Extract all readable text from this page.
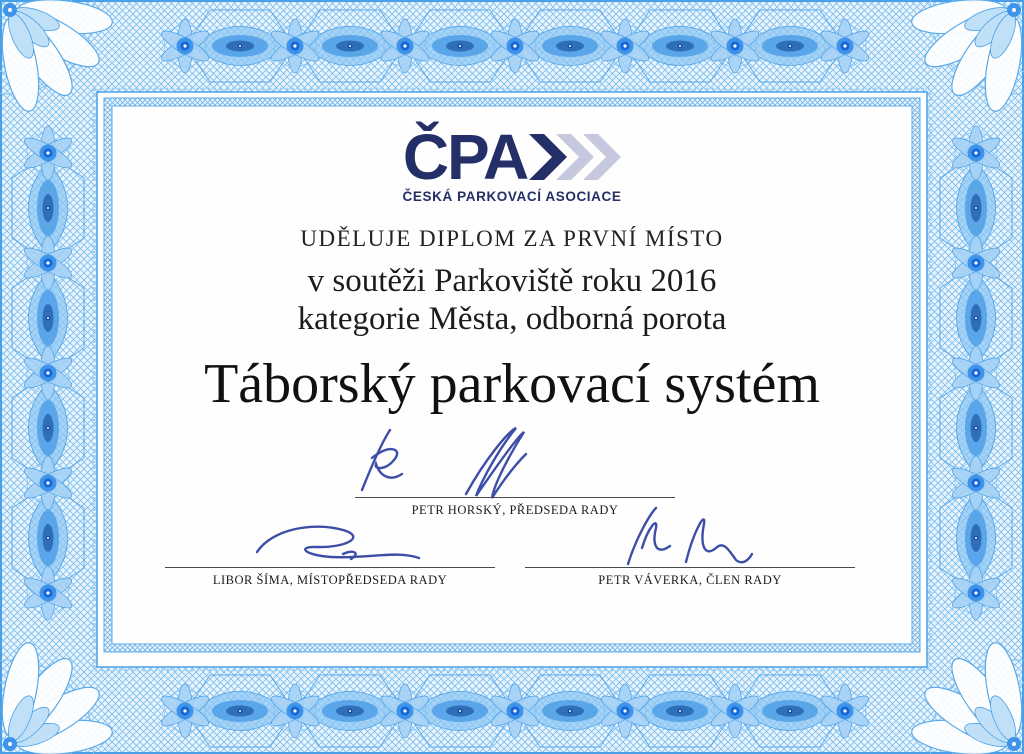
ČPA
ČESKÁ PARKOVACÍ ASOCIACE
UDĚLUJE DIPLOM ZA PRVNÍ MÍSTO
v soutěži Parkoviště roku 2016
kategorie Města, odborná porota
Táborský parkovací systém
PETR HORSKÝ, PŘEDSEDA RADY
LIBOR ŠÍMA, MÍSTOPŘEDSEDA RADY	PETR VÁVERKA, ČLEN RADY
